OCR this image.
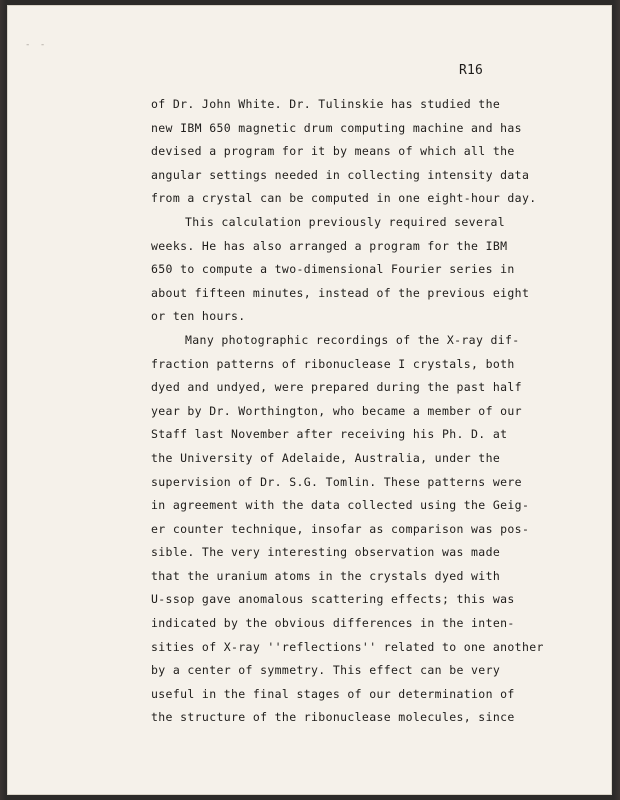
- -
R16
of Dr. John White. Dr. Tulinskie has studied the
new IBM 650 magnetic drum computing machine and has
devised a program for it by means of which all the
angular settings needed in collecting intensity data
from a crystal can be computed in one eight-hour day.
This calculation previously required several
weeks. He has also arranged a program for the IBM
650 to compute a two-dimensional Fourier series in
about fifteen minutes, instead of the previous eight
or ten hours.
Many photographic recordings of the X-ray dif-
fraction patterns of ribonuclease I crystals, both
dyed and undyed, were prepared during the past half
year by Dr. Worthington, who became a member of our
Staff last November after receiving his Ph. D. at
the University of Adelaide, Australia, under the
supervision of Dr. S.G. Tomlin. These patterns were
in agreement with the data collected using the Geig-
er counter technique, insofar as comparison was pos-
sible. The very interesting observation was made
that the uranium atoms in the crystals dyed with
U-ssop gave anomalous scattering effects; this was
indicated by the obvious differences in the inten-
sities of X-ray ''reflections'' related to one another
by a center of symmetry. This effect can be very
useful in the final stages of our determination of
the structure of the ribonuclease molecules, since
